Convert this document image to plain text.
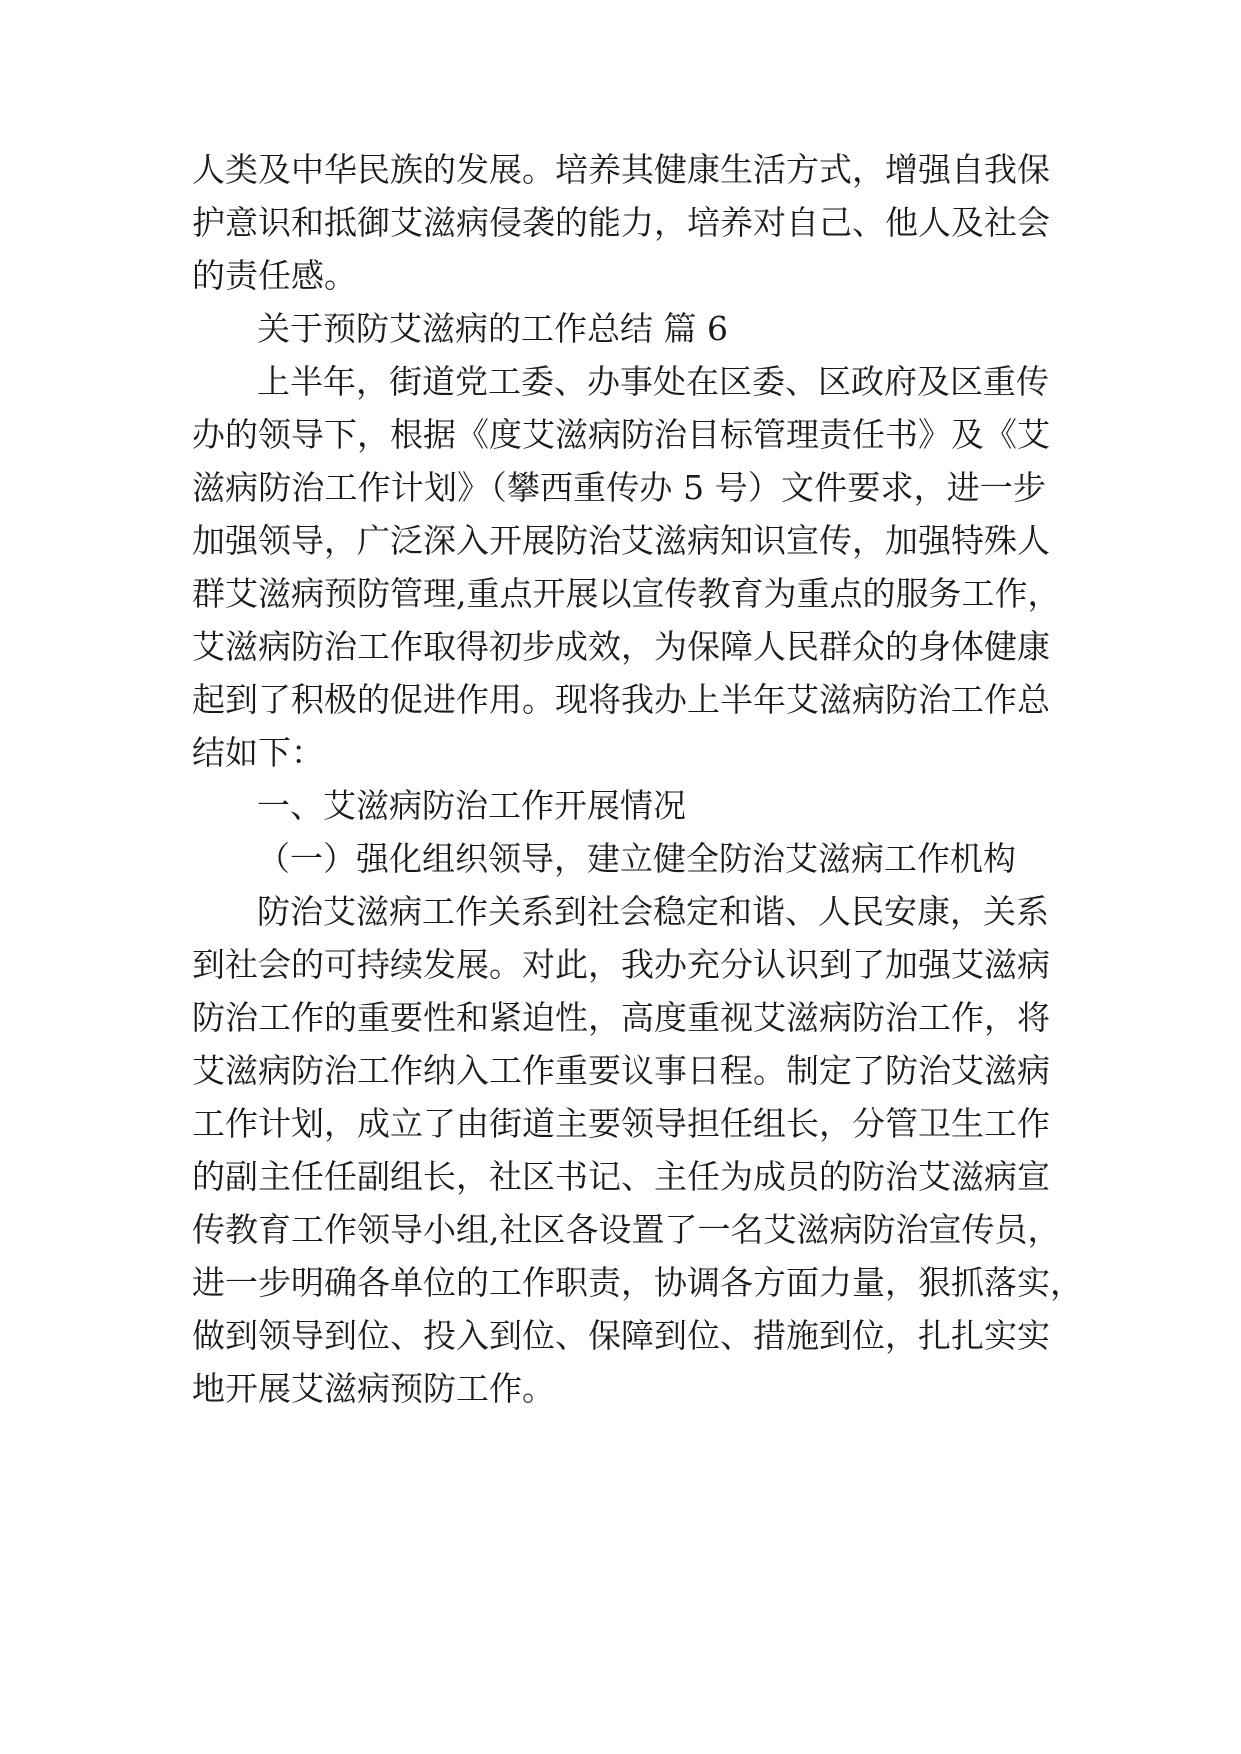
人类及中华民族的发展。培养其健康生活方式，增强自我保
护意识和抵御艾滋病侵袭的能力，培养对自己、他人及社会
的责任感。
关于预防艾滋病的工作总结 篇 6
上半年，街道党工委、办事处在区委、区政府及区重传
办的领导下，根据《度艾滋病防治目标管理责任书》及《艾
滋病防治工作计划》（攀西重传办 5 号）文件要求，进一步
加强领导，广泛深入开展防治艾滋病知识宣传，加强特殊人
群艾滋病预防管理,重点开展以宣传教育为重点的服务工作，
艾滋病防治工作取得初步成效，为保障人民群众的身体健康
起到了积极的促进作用。现将我办上半年艾滋病防治工作总
结如下：
一、艾滋病防治工作开展情况
（一）强化组织领导，建立健全防治艾滋病工作机构
防治艾滋病工作关系到社会稳定和谐、人民安康，关系
到社会的可持续发展。对此，我办充分认识到了加强艾滋病
防治工作的重要性和紧迫性，高度重视艾滋病防治工作，将
艾滋病防治工作纳入工作重要议事日程。制定了防治艾滋病
工作计划，成立了由街道主要领导担任组长，分管卫生工作
的副主任任副组长，社区书记、主任为成员的防治艾滋病宣
传教育工作领导小组,社区各设置了一名艾滋病防治宣传员，
进一步明确各单位的工作职责，协调各方面力量，狠抓落实，
做到领导到位、投入到位、保障到位、措施到位，扎扎实实
地开展艾滋病预防工作。
